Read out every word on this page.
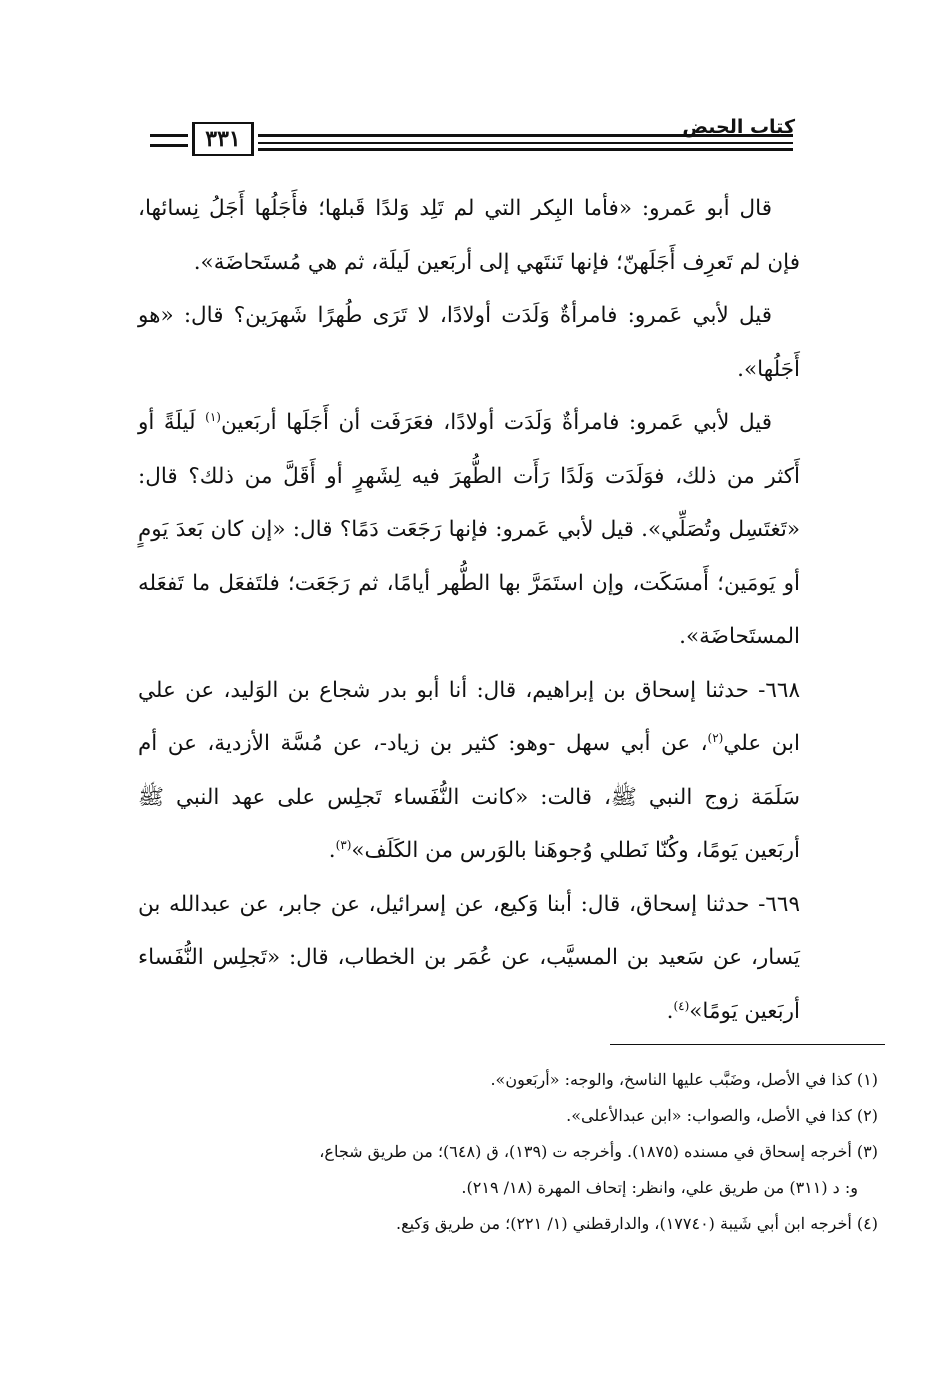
٣٣١	كتاب الحيض

قال أبو عَمرو: «فأما البِكر التي لم تَلِد وَلدًا قَبلها؛ فأَجَلُها أَجَلُ نِسائها، فإن لم تَعرِف أَجَلَهنّ؛ فإنها تَنتَهي إلى أربَعين لَيلَة، ثم هي مُستَحاضَة».

قيل لأبي عَمرو: فامرأةٌ وَلَدَت أولادًا، لا تَرَى طُهرًا شَهرَين؟ قال: «هو أَجَلُها».

قيل لأبي عَمرو: فامرأةٌ وَلَدَت أولادًا، فعَرَفَت أن أَجَلَها أربَعين$^{(١)}$ لَيلَةً أو أَكثر من ذلك، فوَلَدَت وَلَدًا رَأَت الطُّهرَ فيه لِشَهرٍ أو أَقَلَّ من ذلك؟ قال: «تَغتَسِل وتُصَلِّي». قيل لأبي عَمرو: فإنها رَجَعَت دَمًا؟ قال: «إن كان بَعدَ يَومٍ أو يَومَين؛ أَمسَكَت، وإن استَمَرَّ بها الطُّهر أيامًا، ثم رَجَعَت؛ فلتَفعَل ما تَفعَله المستَحاضَة».

٦٦٨- حدثنا إسحاق بن إبراهيم، قال: أنا أبو بدر شجاع بن الوَليد، عن علي ابن علي$^{(٢)}$، عن أبي سهل -وهو: كثير بن زياد-، عن مُسَّة الأزدية، عن أم سَلَمَة زوج النبي ﷺ، قالت: «كانت النُّفَساء تَجلِس على عهد النبي ﷺ أربَعين يَومًا، وكُنّا نَطلي وُجوهَنا بالوَرس من الكَلَف»$^{(٣)}$.

٦٦٩- حدثنا إسحاق، قال: أبنا وَكيع، عن إسرائيل، عن جابر، عن عبدالله بن يَسار، عن سَعيد بن المسيَّب، عن عُمَر بن الخطاب، قال: «تَجلِس النُّفَساء أربَعين يَومًا»$^{(٤)}$.

(١) كذا في الأصل، وضَبَّب عليها الناسخ، والوجه: «أربَعون».

(٢) كذا في الأصل، والصواب: «ابن عبدالأعلى».

(٣) أخرجه إسحاق في مسنده (١٨٧٥). وأخرجه ت (١٣٩)، ق (٦٤٨)؛ من طريق شجاع،

و: د (٣١١) من طريق علي، وانظر: إتحاف المهرة (١٨/ ٢١٩).

(٤) أخرجه ابن أبي شَيبة (١٧٧٤٠)، والدارقطني (١/ ٢٢١)؛ من طريق وَكيع.
